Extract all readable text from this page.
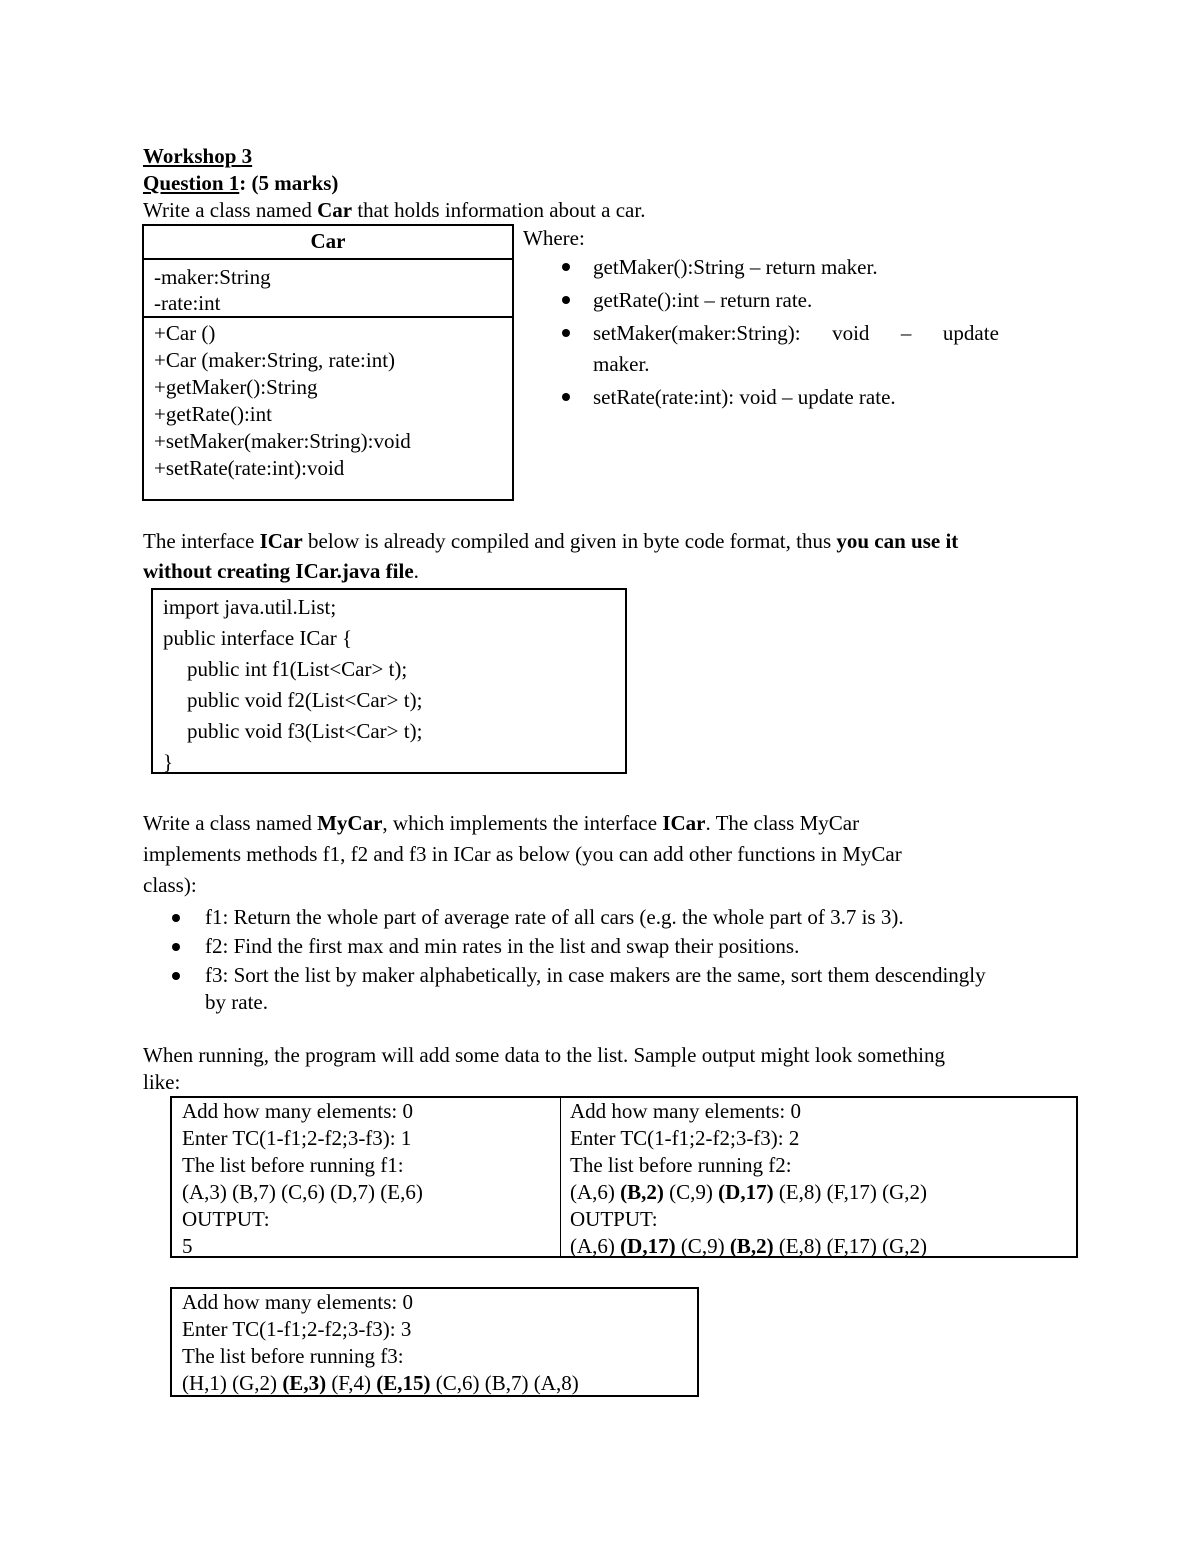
Workshop 3
Question 1: (5 marks)
Write a class named Car that holds information about a car.
Car
-maker:String
-rate:int
+Car ()
+Car (maker:String, rate:int)
+getMaker():String
+getRate():int
+setMaker(maker:String):void
+setRate(rate:int):void
Where:
getMaker():String – return maker.
getRate():int – return rate.
setMaker(maker:String):      void      –      update
maker.
setRate(rate:int): void – update rate.
The interface ICar below is already compiled and given in byte code format, thus you can use it
without creating ICar.java file.
import java.util.List;
public interface ICar {
public int f1(List<Car> t);
public void f2(List<Car> t);
public void f3(List<Car> t);
}
Write a class named MyCar, which implements the interface ICar. The class MyCar
implements methods f1, f2 and f3 in ICar as below (you can add other functions in MyCar
class):
f1: Return the whole part of average rate of all cars (e.g. the whole part of 3.7 is 3).
f2: Find the first max and min rates in the list and swap their positions.
f3: Sort the list by maker alphabetically, in case makers are the same, sort them descendingly
by rate.
When running, the program will add some data to the list. Sample output might look something
like:
Add how many elements: 0
Enter TC(1-f1;2-f2;3-f3): 1
The list before running f1:
(A,3) (B,7) (C,6) (D,7) (E,6)
OUTPUT:
5
Add how many elements: 0
Enter TC(1-f1;2-f2;3-f3): 2
The list before running f2:
(A,6) (B,2) (C,9) (D,17) (E,8) (F,17) (G,2)
OUTPUT:
(A,6) (D,17) (C,9) (B,2) (E,8) (F,17) (G,2)
Add how many elements: 0
Enter TC(1-f1;2-f2;3-f3): 3
The list before running f3:
(H,1) (G,2) (E,3) (F,4) (E,15) (C,6) (B,7) (A,8)
